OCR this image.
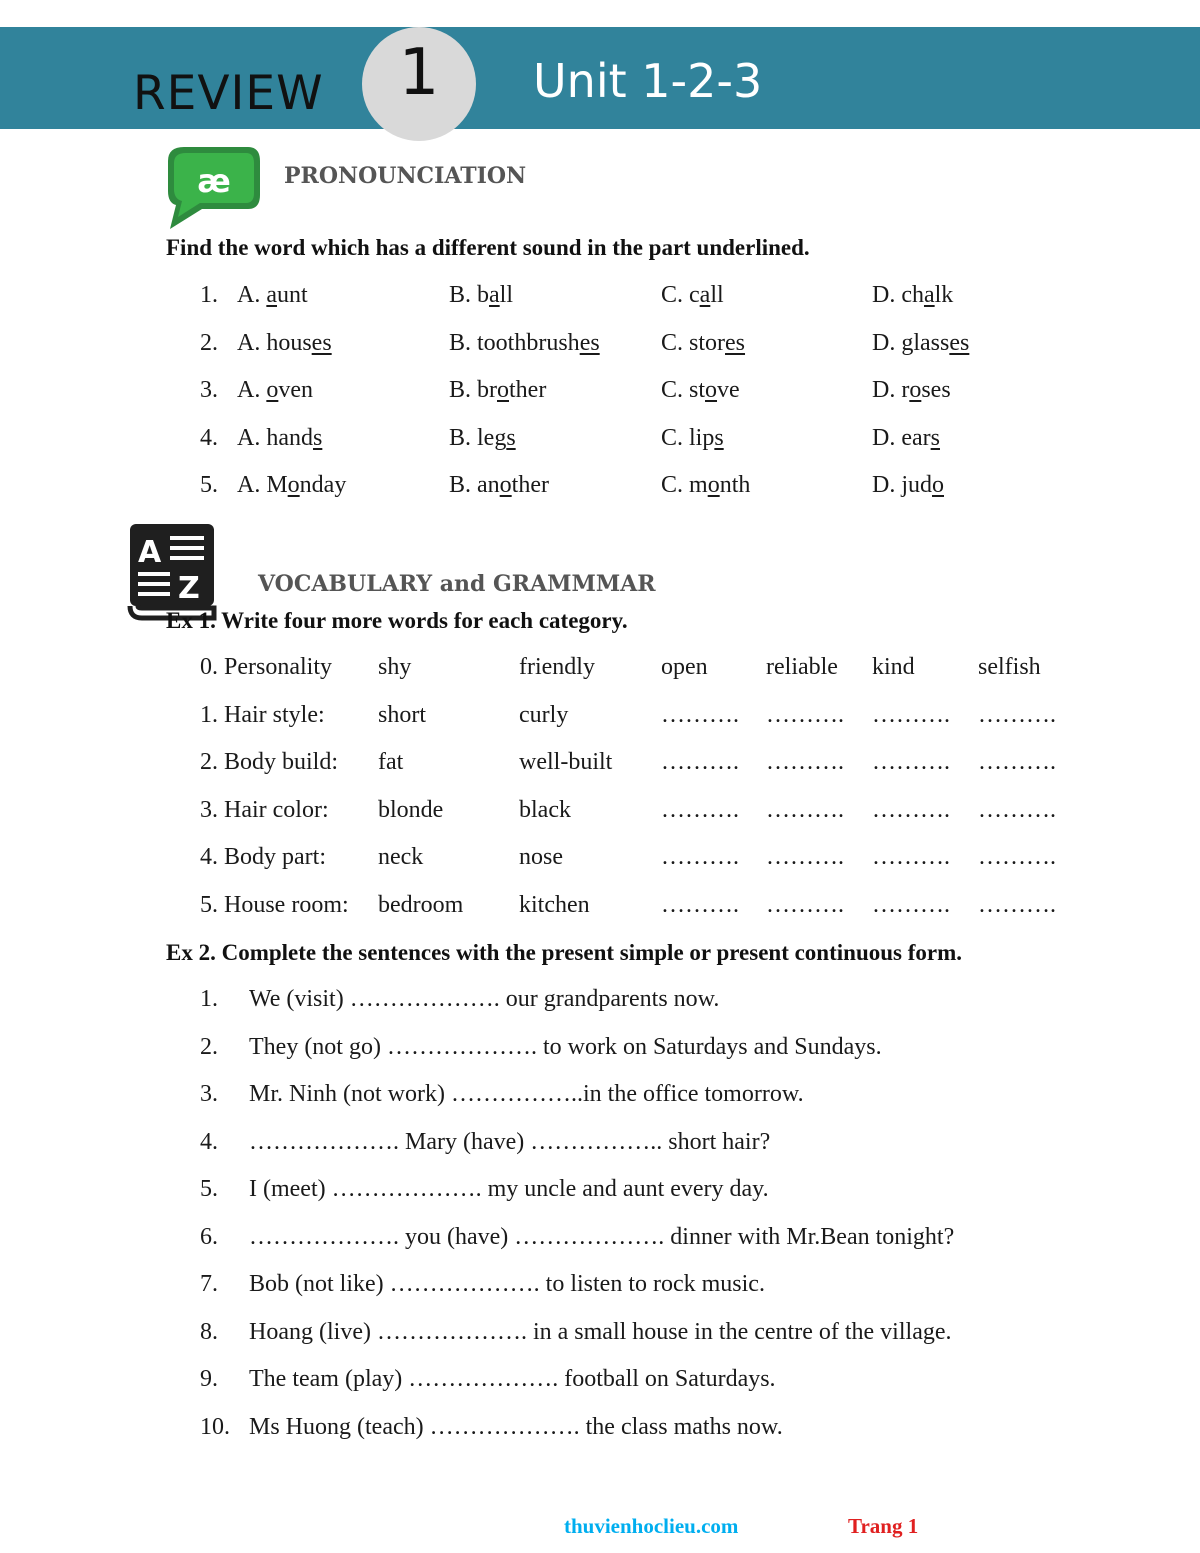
REVIEW	1	Unit 1-2-3
æ PRONOUNCIATION
Find the word which has a different sound in the part underlined.
1. A. aunt	B. ball	C. call	D. chalk
2. A. houses	B. toothbrushes	C. stores	D. glasses
3. A. oven	B. brother	C. stove	D. roses
4. A. hands	B. legs	C. lips	D. ears
5. A. Monday	B. another	C. month	D. judo
A
Z	VOCABULARY and GRAMMMAR
Ex 1. Write four more words for each category.
0. Personality shy	friendly	open reliable kind	selfish
1. Hair style: short	curly	………. ………. ………. ……….
2. Body build: fat	well-built ………. ………. ………. ……….
3. Hair color: blonde	black	………. ………. ………. ……….
4. Body part: neck	nose	………. ………. ………. ……….
5. House room: bedroom kitchen	………. ………. ………. ……….
Ex 2. Complete the sentences with the present simple or present continuous form.
1. We (visit) ………………. our grandparents now.
2. They (not go) ………………. to work on Saturdays and Sundays.
3. Mr. Ninh (not work) ……………..in the office tomorrow.
4. ………………. Mary (have) …………….. short hair?
5. I (meet) ………………. my uncle and aunt every day.
6. ………………. you (have) ………………. dinner with Mr.Bean tonight?
7. Bob (not like) ………………. to listen to rock music.
8. Hoang (live) ………………. in a small house in the centre of the village.
9. The team (play) ………………. football on Saturdays.
10. Ms Huong (teach) ………………. the class maths now.
thuvienhoclieu.com	Trang 1
